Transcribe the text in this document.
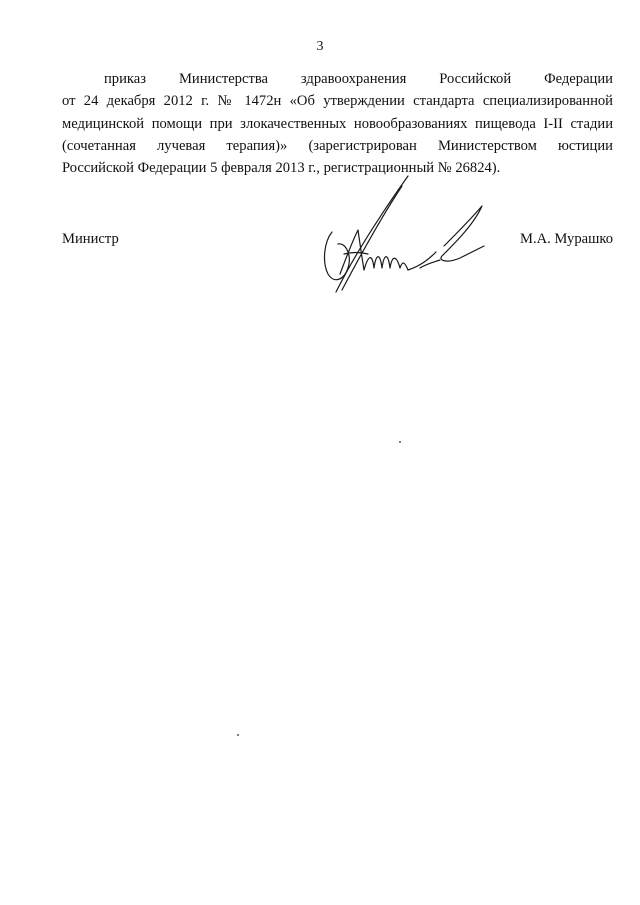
3
приказ Министерства здравоохранения Российской Федерации
от 24 декабря 2012 г. № 1472н «Об утверждении стандарта специализированной
медицинской помощи при злокачественных новообразованиях пищевода I-II стадии
(сочетанная лучевая терапия)» (зарегистрирован Министерством юстиции
Российской Федерации 5 февраля 2013 г., регистрационный № 26824).
Министр	М.А. Мурашко
